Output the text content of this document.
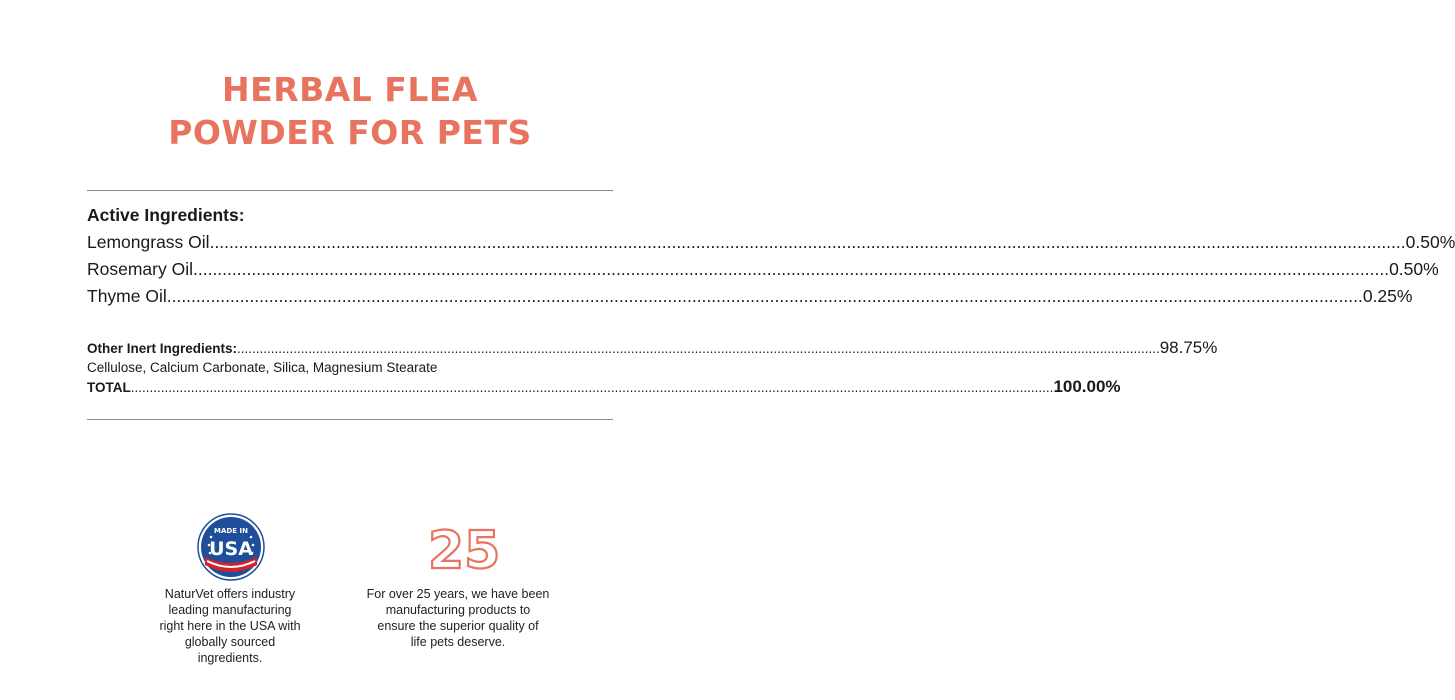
HERBAL FLEA
POWDER FOR PETS
Active Ingredients:
Lemongrass Oil .....	0.50%
Rosemary Oil .....	0.50%
Thyme Oil .....	0.25%
Other Inert Ingredients: .....	98.75%
Cellulose, Calcium Carbonate, Silica, Magnesium Stearate
TOTAL .....	100.00%
MADE IN
USA	25
NaturVet offers industry
leading manufacturing
right here in the USA with
globally sourced
ingredients.
For over 25 years, we have been
manufacturing products to
ensure the superior quality of
life pets deserve.
